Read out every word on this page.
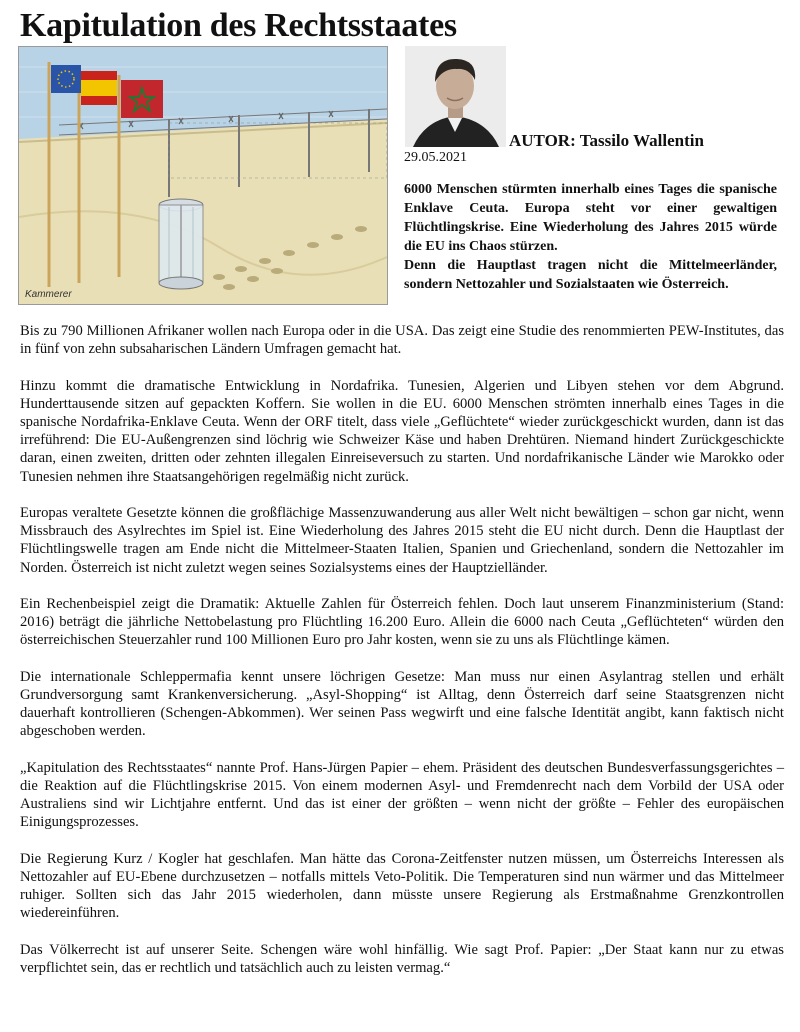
Kapitulation des Rechtsstaates
Kammerer
AUTOR: Tassilo Wallentin
29.05.2021

6000 Menschen stürmten innerhalb eines Tages die spanische Enklave Ceuta. Europa steht vor einer gewaltigen Flüchtlingskrise. Eine Wiederholung des Jahres 2015 würde die EU ins Chaos stürzen.

Denn die Hauptlast tragen nicht die Mittelmeerländer, sondern Nettozahler und Sozialstaaten wie Österreich.

Bis zu 790 Millionen Afrikaner wollen nach Europa oder in die USA. Das zeigt eine Studie des renommierten PEW-Institutes, das in fünf von zehn subsaharischen Ländern Umfragen gemacht hat.

Hinzu kommt die dramatische Entwicklung in Nordafrika. Tunesien, Algerien und Libyen stehen vor dem Abgrund. Hunderttausende sitzen auf gepackten Koffern. Sie wollen in die EU. 6000 Menschen strömten innerhalb eines Tages in die spanische Nordafrika-Enklave Ceuta. Wenn der ORF titelt, dass viele „Geflüchtete“ wieder zurückgeschickt wurden, dann ist das irreführend: Die EU-Außengrenzen sind löchrig wie Schweizer Käse und haben Drehtüren. Niemand hindert Zurückgeschickte daran, einen zweiten, dritten oder zehnten illegalen Einreiseversuch zu starten. Und nordafrikanische Länder wie Marokko oder Tunesien nehmen ihre Staatsangehörigen regelmäßig nicht zurück.

Europas veraltete Gesetzte können die großflächige Massenzuwanderung aus aller Welt nicht bewältigen – schon gar nicht, wenn Missbrauch des Asylrechtes im Spiel ist. Eine Wiederholung des Jahres 2015 steht die EU nicht durch. Denn die Hauptlast der Flüchtlingswelle tragen am Ende nicht die Mittelmeer-Staaten Italien, Spanien und Griechenland, sondern die Nettozahler im Norden. Österreich ist nicht zuletzt wegen seines Sozialsystems eines der Hauptzielländer.

Ein Rechenbeispiel zeigt die Dramatik: Aktuelle Zahlen für Österreich fehlen. Doch laut unserem Finanzministerium (Stand: 2016) beträgt die jährliche Nettobelastung pro Flüchtling 16.200 Euro. Allein die 6000 nach Ceuta „Geflüchteten“ würden den österreichischen Steuerzahler rund 100 Millionen Euro pro Jahr kosten, wenn sie zu uns als Flüchtlinge kämen.

Die internationale Schleppermafia kennt unsere löchrigen Gesetze: Man muss nur einen Asylantrag stellen und erhält Grundversorgung samt Krankenversicherung. „Asyl-Shopping“ ist Alltag, denn Österreich darf seine Staatsgrenzen nicht dauerhaft kontrollieren (Schengen-Abkommen). Wer seinen Pass wegwirft und eine falsche Identität angibt, kann faktisch nicht abgeschoben werden.

„Kapitulation des Rechtsstaates“ nannte Prof. Hans-Jürgen Papier – ehem. Präsident des deutschen Bundesverfassungsgerichtes – die Reaktion auf die Flüchtlingskrise 2015. Von einem modernen Asyl- und Fremdenrecht nach dem Vorbild der USA oder Australiens sind wir Lichtjahre entfernt. Und das ist einer der größten – wenn nicht der größte – Fehler des europäischen Einigungsprozesses.

Die Regierung Kurz / Kogler hat geschlafen. Man hätte das Corona-Zeitfenster nutzen müssen, um Österreichs Interessen als Nettozahler auf EU-Ebene durchzusetzen – notfalls mittels Veto-Politik. Die Temperaturen sind nun wärmer und das Mittelmeer ruhiger. Sollten sich das Jahr 2015 wiederholen, dann müsste unsere Regierung als Erstmaßnahme Grenzkontrollen wiedereinführen.

Das Völkerrecht ist auf unserer Seite. Schengen wäre wohl hinfällig. Wie sagt Prof. Papier: „Der Staat kann nur zu etwas verpflichtet sein, das er rechtlich und tatsächlich auch zu leisten vermag.“
